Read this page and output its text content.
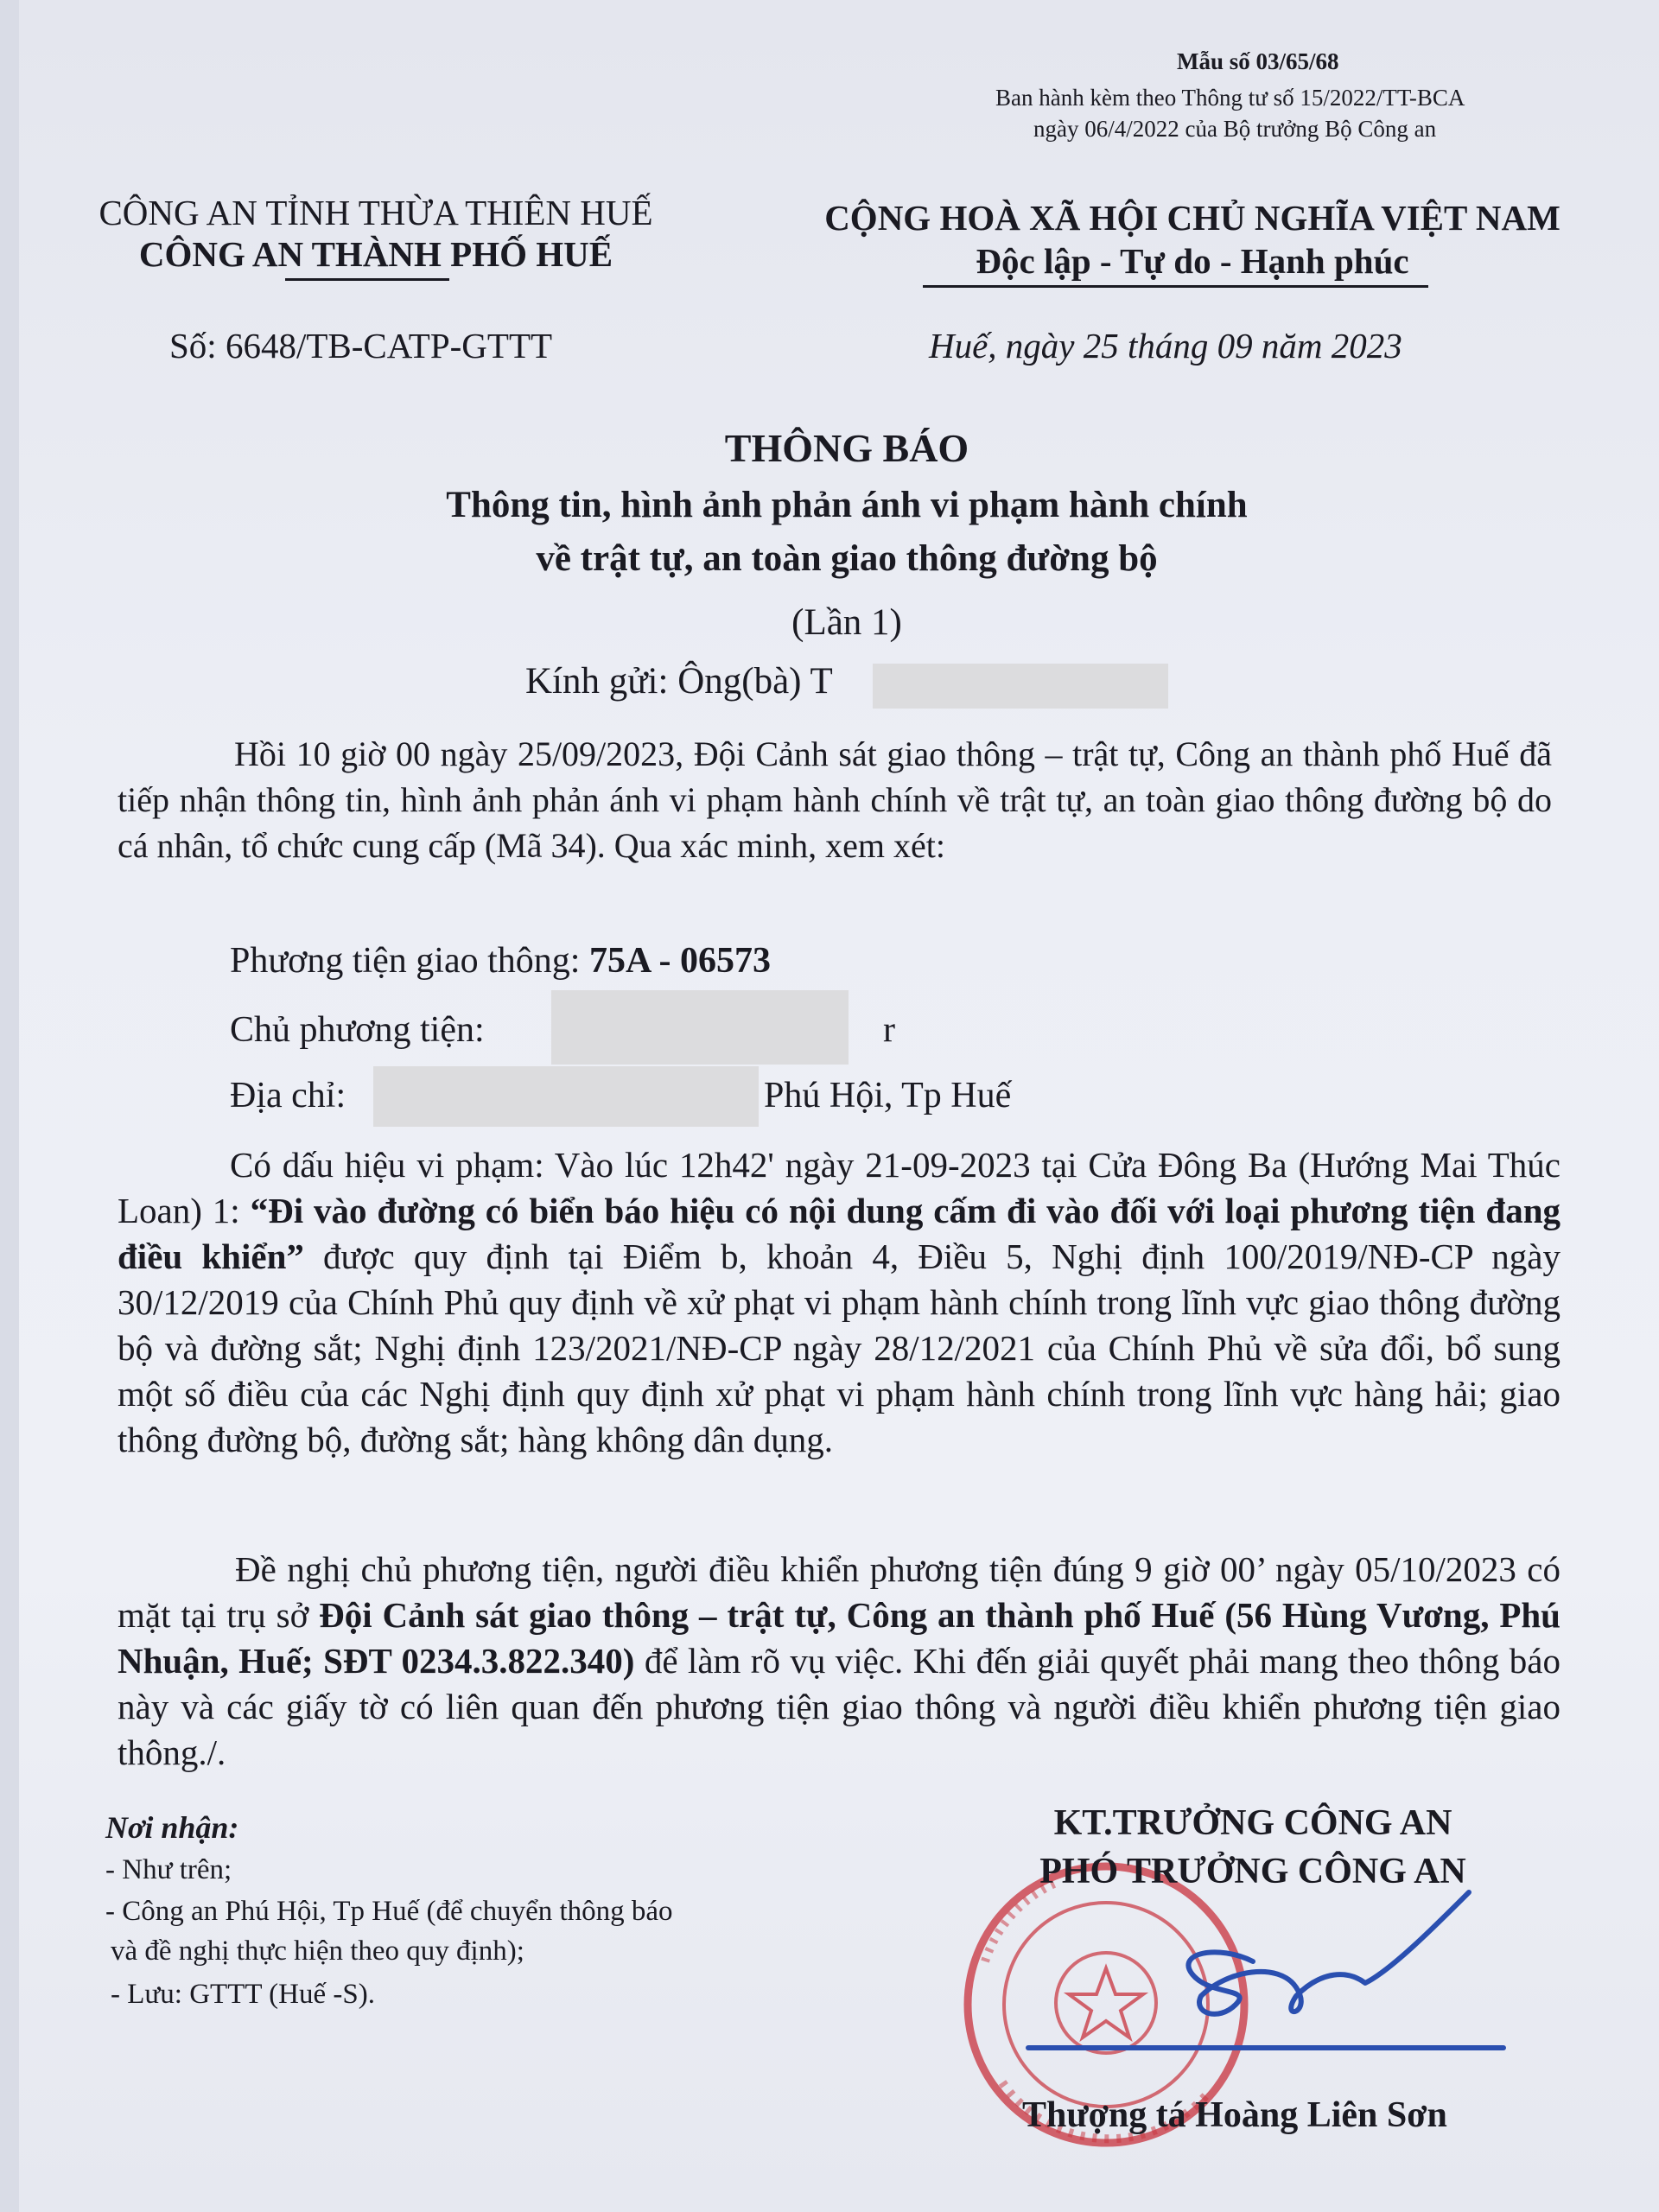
Mẫu số 03/65/68
Ban hành kèm theo Thông tư số 15/2022/TT-BCA
ngày 06/4/2022 của Bộ trưởng Bộ Công an
CÔNG AN TỈNH THỪA THIÊN HUẾ
CÔNG AN THÀNH PHỐ HUẾ
CỘNG HOÀ XÃ HỘI CHỦ NGHĨA VIỆT NAM
Độc lập - Tự do - Hạnh phúc
Số: 6648/TB-CATP-GTTT	Huế, ngày 25 tháng 09 năm 2023
THÔNG BÁO
Thông tin, hình ảnh phản ánh vi phạm hành chính
về trật tự, an toàn giao thông đường bộ
(Lần 1)
Kính gửi: Ông(bà) T
Hồi 10 giờ 00 ngày 25/09/2023, Đội Cảnh sát giao thông – trật tự, Công an thành phố Huế đã tiếp nhận thông tin, hình ảnh phản ánh vi phạm hành chính về trật tự, an toàn giao thông đường bộ do cá nhân, tổ chức cung cấp (Mã 34). Qua xác minh, xem xét:
Phương tiện giao thông: 75A - 06573
Chủ phương tiện:	r
Địa chỉ:	Phú Hội, Tp Huế
Có dấu hiệu vi phạm: Vào lúc 12h42' ngày 21-09-2023 tại Cửa Đông Ba (Hướng Mai Thúc Loan) 1: “Đi vào đường có biển báo hiệu có nội dung cấm đi vào đối với loại phương tiện đang điều khiển” được quy định tại Điểm b, khoản 4, Điều 5, Nghị định 100/2019/NĐ-CP ngày 30/12/2019 của Chính Phủ quy định về xử phạt vi phạm hành chính trong lĩnh vực giao thông đường bộ và đường sắt; Nghị định 123/2021/NĐ-CP ngày 28/12/2021 của Chính Phủ về sửa đổi, bổ sung một số điều của các Nghị định quy định xử phạt vi phạm hành chính trong lĩnh vực hàng hải; giao thông đường bộ, đường sắt; hàng không dân dụng.
Đề nghị chủ phương tiện, người điều khiển phương tiện đúng 9 giờ 00’ ngày 05/10/2023 có mặt tại trụ sở Đội Cảnh sát giao thông – trật tự, Công an thành phố Huế (56 Hùng Vương, Phú Nhuận, Huế; SĐT 0234.3.822.340) để làm rõ vụ việc. Khi đến giải quyết phải mang theo thông báo này và các giấy tờ có liên quan đến phương tiện giao thông và người điều khiển phương tiện giao thông./.
Nơi nhận:
- Như trên;
- Công an Phú Hội, Tp Huế (để chuyển thông báo
và đề nghị thực hiện theo quy định);
- Lưu: GTTT (Huế -S).
KT.TRƯỞNG CÔNG AN
PHÓ TRƯỞNG CÔNG AN
Thượng tá Hoàng Liên Sơn
